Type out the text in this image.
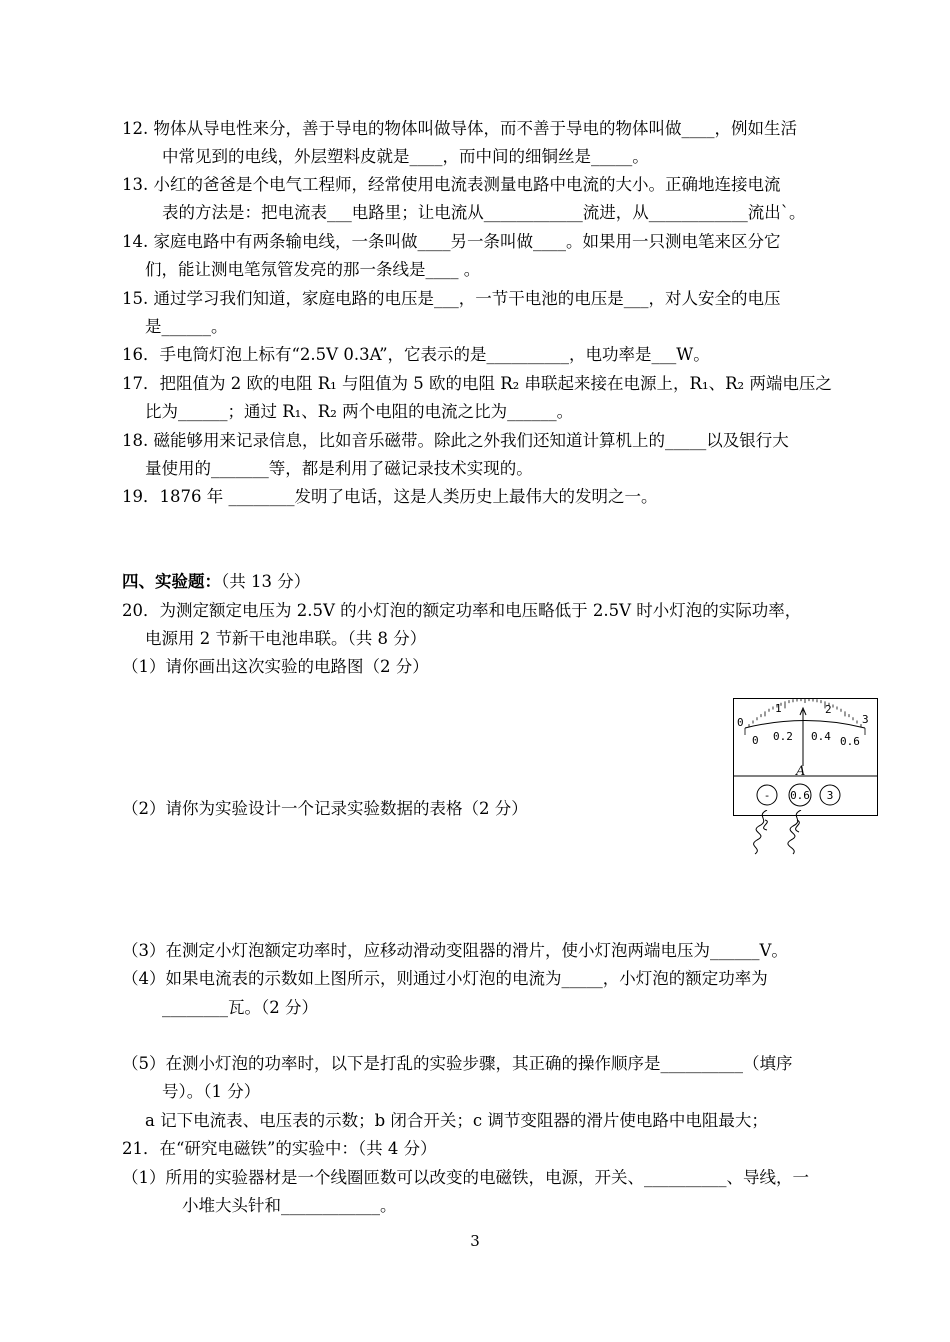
12. 物体从导电性来分，善于导电的物体叫做导体，而不善于导电的物体叫做____，例如生活
中常见到的电线，外层塑料皮就是____，而中间的细铜丝是_____。
13. 小红的爸爸是个电气工程师，经常使用电流表测量电路中电流的大小。正确地连接电流
表的方法是：把电流表___电路里；让电流从____________流进，从____________流出`。
14. 家庭电路中有两条输电线，一条叫做____另一条叫做____。如果用一只测电笔来区分它
们，能让测电笔氖管发亮的那一条线是____ 。
15. 通过学习我们知道，家庭电路的电压是___，一节干电池的电压是___，对人安全的电压
是______。
16．手电筒灯泡上标有“2.5V 0.3A”，它表示的是__________，电功率是___W。
17．把阻值为 2 欧的电阻 R₁ 与阻值为 5 欧的电阻 R₂ 串联起来接在电源上，R₁、R₂ 两端电压之
比为______；通过 R₁、R₂ 两个电阻的电流之比为______。
18. 磁能够用来记录信息，比如音乐磁带。除此之外我们还知道计算机上的_____以及银行大
量使用的_______等，都是利用了磁记录技术实现的。
19．1876 年 ________发明了电话，这是人类历史上最伟大的发明之一。
四、实验题：（共 13 分）
20．为测定额定电压为 2.5V 的小灯泡的额定功率和电压略低于 2.5V 时小灯泡的实际功率，
电源用 2 节新干电池串联。（共 8 分）
（1）请你画出这次实验的电路图（2 分）
（2）请你为实验设计一个记录实验数据的表格（2 分）
（3）在测定小灯泡额定功率时，应移动滑动变阻器的滑片，使小灯泡两端电压为______V。
（4）如果电流表的示数如上图所示，则通过小灯泡的电流为_____，小灯泡的额定功率为
________瓦。（2 分）
（5）在测小灯泡的功率时，以下是打乱的实验步骤，其正确的操作顺序是__________（填序
号）。（1 分）
a 记下电流表、电压表的示数；b 闭合开关；c 调节变阻器的滑片使电路中电阻最大；
21．在“研究电磁铁”的实验中：（共 4 分）
（1）所用的实验器材是一个线圈匝数可以改变的电磁铁，电源，开关、__________、导线，一
小堆大头针和____________。
0
1	2
3
0 0.2 0.4 0.6
A
- 0.6 3
3
